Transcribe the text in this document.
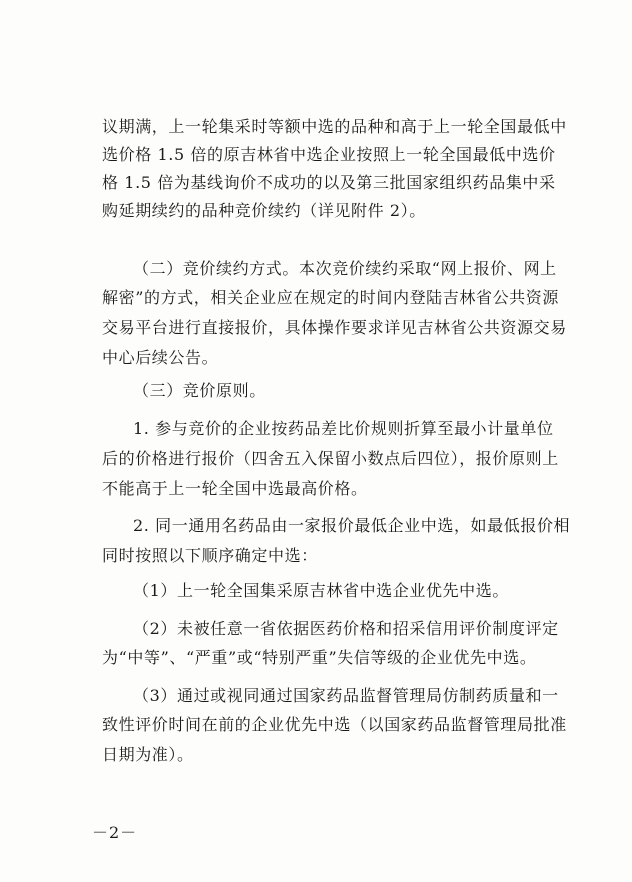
议期满，上一轮集采时等额中选的品种和高于上一轮全国最低中
选价格 1.5 倍的原吉林省中选企业按照上一轮全国最低中选价
格 1.5 倍为基线询价不成功的以及第三批国家组织药品集中采
购延期续约的品种竞价续约（详见附件 2）。
（二）竞价续约方式。本次竞价续约采取“网上报价、网上
解密”的方式，相关企业应在规定的时间内登陆吉林省公共资源
交易平台进行直接报价，具体操作要求详见吉林省公共资源交易
中心后续公告。
（三）竞价原则。
1. 参与竞价的企业按药品差比价规则折算至最小计量单位
后的价格进行报价（四舍五入保留小数点后四位），报价原则上
不能高于上一轮全国中选最高价格。
2. 同一通用名药品由一家报价最低企业中选，如最低报价相
同时按照以下顺序确定中选：
（1）上一轮全国集采原吉林省中选企业优先中选。
（2）未被任意一省依据医药价格和招采信用评价制度评定
为“中等”、“严重”或“特别严重”失信等级的企业优先中选。
（3）通过或视同通过国家药品监督管理局仿制药质量和一
致性评价时间在前的企业优先中选（以国家药品监督管理局批准
日期为准）。
－2－
